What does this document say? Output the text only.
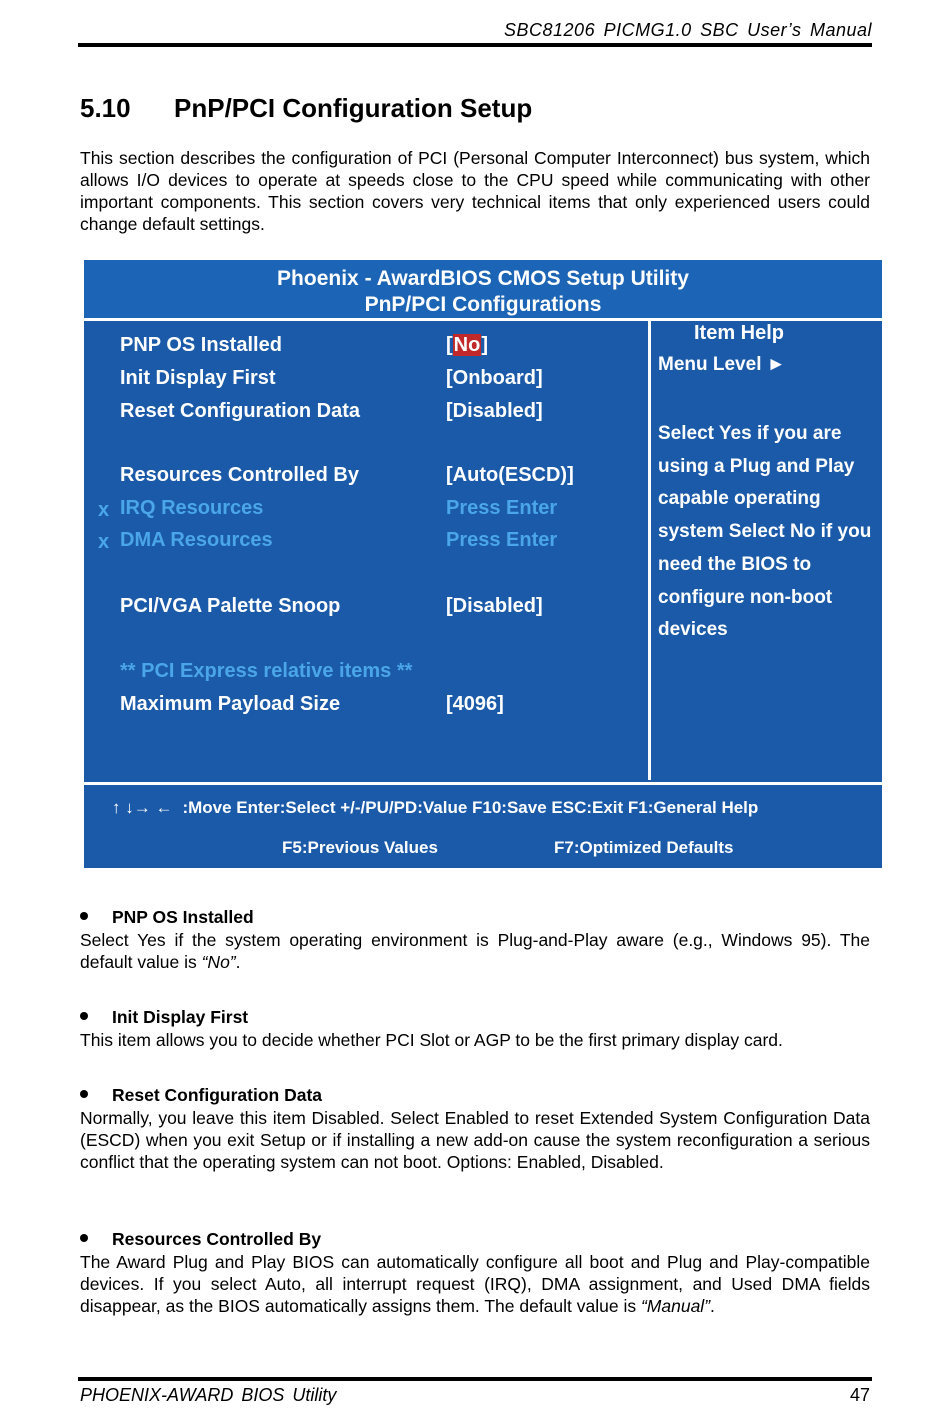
SBC81206 PICMG1.0 SBC User’s Manual
5.10 PnP/PCI Configuration Setup

This section describes the configuration of PCI (Personal Computer Interconnect) bus system, which allows I/O devices to operate at speeds close to the CPU speed while communicating with other important components. This section covers very technical items that only experienced users could change default settings.

Phoenix - AwardBIOS CMOS Setup Utility
PnP/PCI Configurations
PNP OS Installed	[No]
Init Display First	[Onboard]
Reset Configuration Data	[Disabled]
Resources Controlled By	[Auto(ESCD)]
x IRQ Resources	Press Enter
x DMA Resources	Press Enter
PCI/VGA Palette Snoop	[Disabled]
** PCI Express relative items **
Maximum Payload Size	[4096]
Item Help
Menu Level ►
Select Yes if you are using a Plug and Play capable operating system Select No if you need the BIOS to configure non-boot devices
↑ ↓→ ← :Move Enter:Select +/-/PU/PD:Value F10:Save ESC:Exit F1:General Help
F5:Previous Values	F7:Optimized Defaults
PNP OS Installed

Select Yes if the system operating environment is Plug-and-Play aware (e.g., Windows 95). The default value is “No”.

Init Display First

This item allows you to decide whether PCI Slot or AGP to be the first primary display card.

Reset Configuration Data

Normally, you leave this item Disabled. Select Enabled to reset Extended System Configuration Data (ESCD) when you exit Setup or if installing a new add-on cause the system reconfiguration a serious conflict that the operating system can not boot. Options: Enabled, Disabled.

Resources Controlled By

The Award Plug and Play BIOS can automatically configure all boot and Plug and Play-compatible devices. If you select Auto, all interrupt request (IRQ), DMA assignment, and Used DMA fields disappear, as the BIOS automatically assigns them. The default value is “Manual”.

PHOENIX-AWARD BIOS Utility	47
